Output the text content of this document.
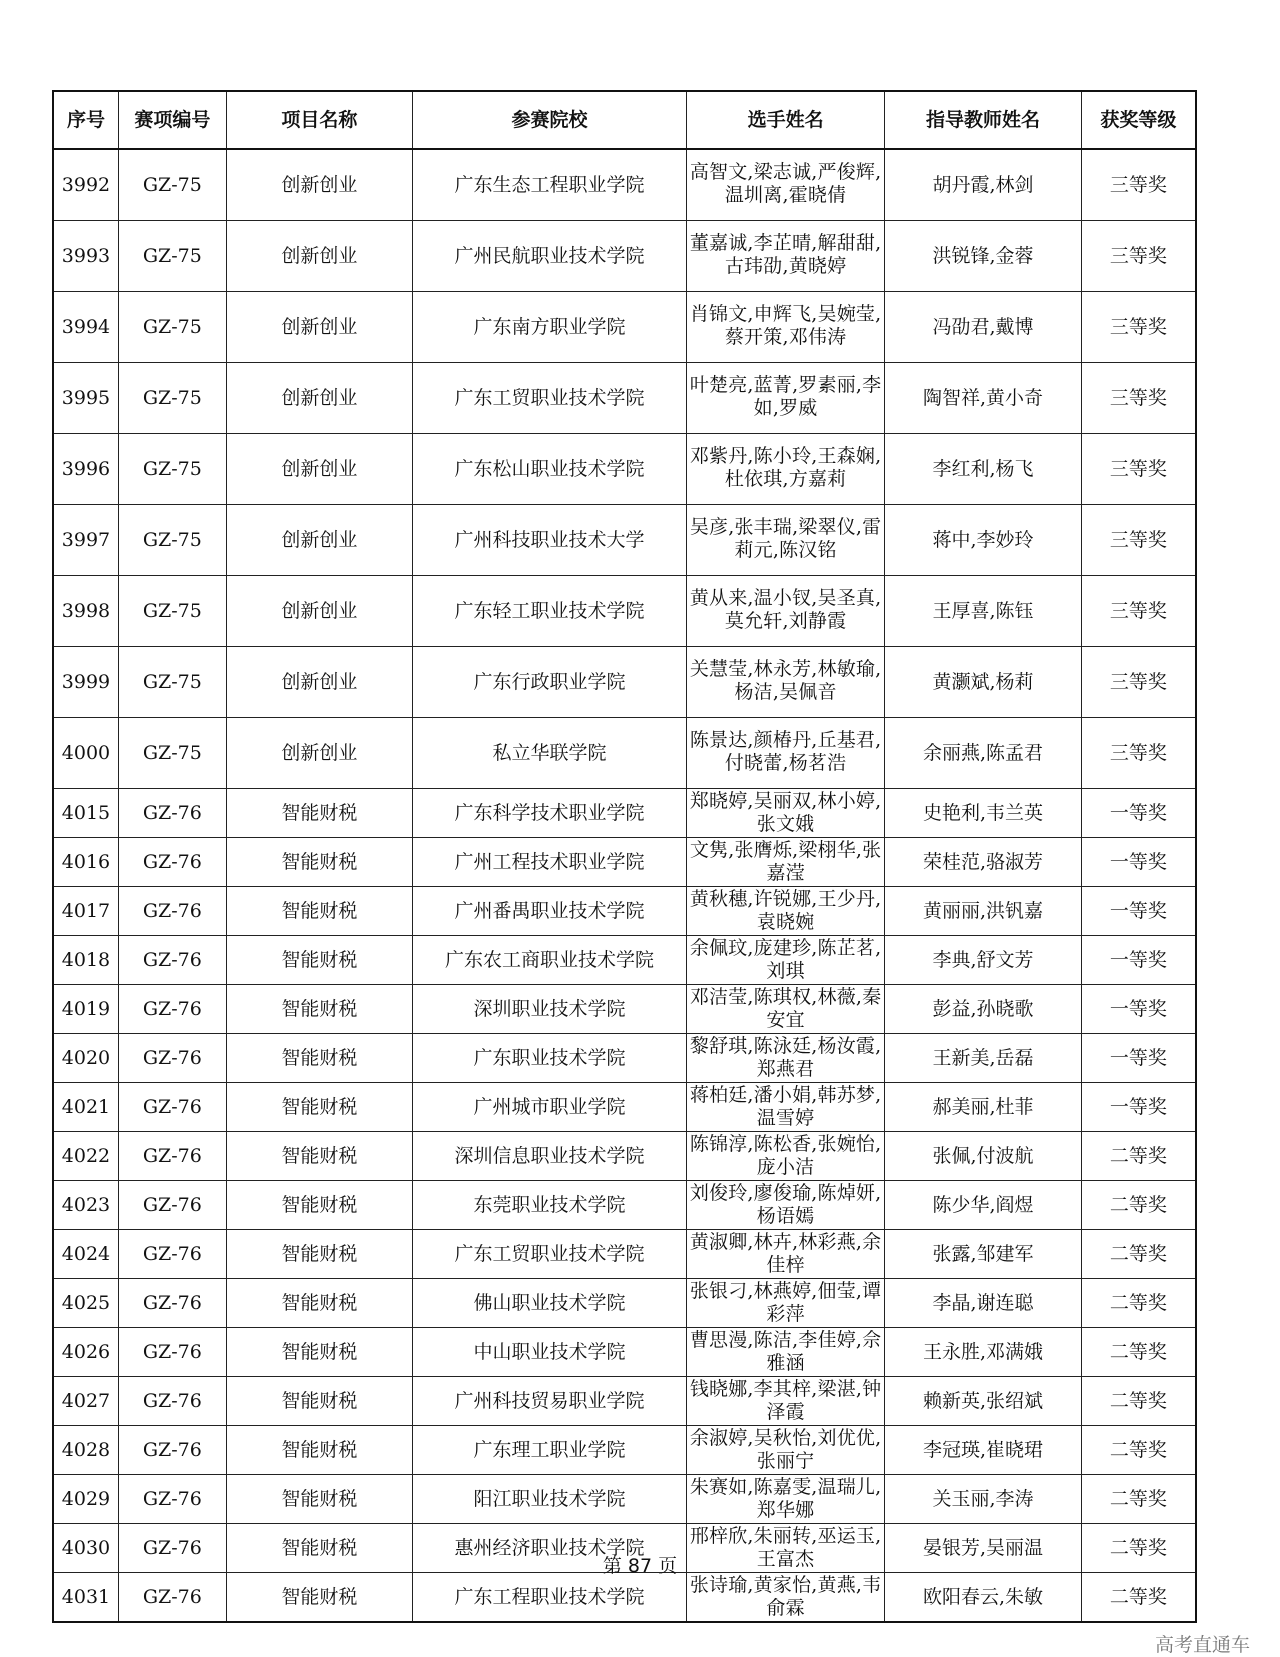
序号	赛项编号	项目名称	参赛院校	选手姓名	指导教师姓名	获奖等级
3992	GZ-75	创新创业	广东生态工程职业学院	高智文,梁志诚,严俊辉,温圳离,霍晓倩	胡丹霞,林剑	三等奖
3993	GZ-75	创新创业	广州民航职业技术学院	董嘉诚,李芷晴,解甜甜,古玮劭,黄晓婷	洪锐锋,金蓉	三等奖
3994	GZ-75	创新创业	广东南方职业学院	肖锦文,申辉飞,吴婉莹,蔡开策,邓伟涛	冯劭君,戴博	三等奖
3995	GZ-75	创新创业	广东工贸职业技术学院	叶楚亮,蓝菁,罗素丽,李如,罗威	陶智祥,黄小奇	三等奖
3996	GZ-75	创新创业	广东松山职业技术学院	邓紫丹,陈小玲,王森娴,杜依琪,方嘉莉	李红利,杨飞	三等奖
3997	GZ-75	创新创业	广州科技职业技术大学	吴彦,张丰瑞,梁翠仪,雷莉元,陈汉铭	蒋中,李妙玲	三等奖
3998	GZ-75	创新创业	广东轻工职业技术学院	黄从来,温小钗,吴圣真,莫允轩,刘静霞	王厚喜,陈钰	三等奖
3999	GZ-75	创新创业	广东行政职业学院	关慧莹,林永芳,林敏瑜,杨洁,吴佩音	黄灏斌,杨莉	三等奖
4000	GZ-75	创新创业	私立华联学院	陈景达,颜椿丹,丘基君,付晓蕾,杨茗浩	余丽燕,陈孟君	三等奖
4015	GZ-76	智能财税	广东科学技术职业学院	郑晓婷,吴丽双,林小婷,张文娥	史艳利,韦兰英	一等奖
4016	GZ-76	智能财税	广州工程技术职业学院	文隽,张膺烁,梁栩华,张嘉滢	荣桂范,骆淑芳	一等奖
4017	GZ-76	智能财税	广州番禺职业技术学院	黄秋穗,许锐娜,王少丹,袁晓婉	黄丽丽,洪钒嘉	一等奖
4018	GZ-76	智能财税	广东农工商职业技术学院	余佩玟,庞建珍,陈芷茗,刘琪	李典,舒文芳	一等奖
4019	GZ-76	智能财税	深圳职业技术学院	邓洁莹,陈琪权,林薇,秦安宜	彭益,孙晓歌	一等奖
4020	GZ-76	智能财税	广东职业技术学院	黎舒琪,陈泳廷,杨汝霞,郑燕君	王新美,岳磊	一等奖
4021	GZ-76	智能财税	广州城市职业学院	蒋柏廷,潘小娟,韩苏梦,温雪婷	郝美丽,杜菲	一等奖
4022	GZ-76	智能财税	深圳信息职业技术学院	陈锦淳,陈松香,张婉怡,庞小洁	张佩,付波航	二等奖
4023	GZ-76	智能财税	东莞职业技术学院	刘俊玲,廖俊瑜,陈焯妍,杨语嫣	陈少华,阎煜	二等奖
4024	GZ-76	智能财税	广东工贸职业技术学院	黄淑卿,林卉,林彩燕,余佳梓	张露,邹建军	二等奖
4025	GZ-76	智能财税	佛山职业技术学院	张银刁,林燕婷,佃莹,谭彩萍	李晶,谢连聪	二等奖
4026	GZ-76	智能财税	中山职业技术学院	曹思漫,陈洁,李佳婷,佘雅涵	王永胜,邓满娥	二等奖
4027	GZ-76	智能财税	广州科技贸易职业学院	钱晓娜,李其梓,梁湛,钟泽霞	赖新英,张绍斌	二等奖
4028	GZ-76	智能财税	广东理工职业学院	余淑婷,吴秋怡,刘优优,张丽宁	李冠瑛,崔晓珺	二等奖
4029	GZ-76	智能财税	阳江职业技术学院	朱赛如,陈嘉雯,温瑞儿,郑华娜	关玉丽,李涛	二等奖
4030	GZ-76	智能财税	惠州经济职业技术学院	邢梓欣,朱丽转,巫运玉,王富杰	晏银芳,吴丽温	二等奖
4031	GZ-76	智能财税	广东工程职业技术学院	张诗瑜,黄家怡,黄燕,韦俞霖	欧阳春云,朱敏	二等奖
第 87 页
高考直通车
